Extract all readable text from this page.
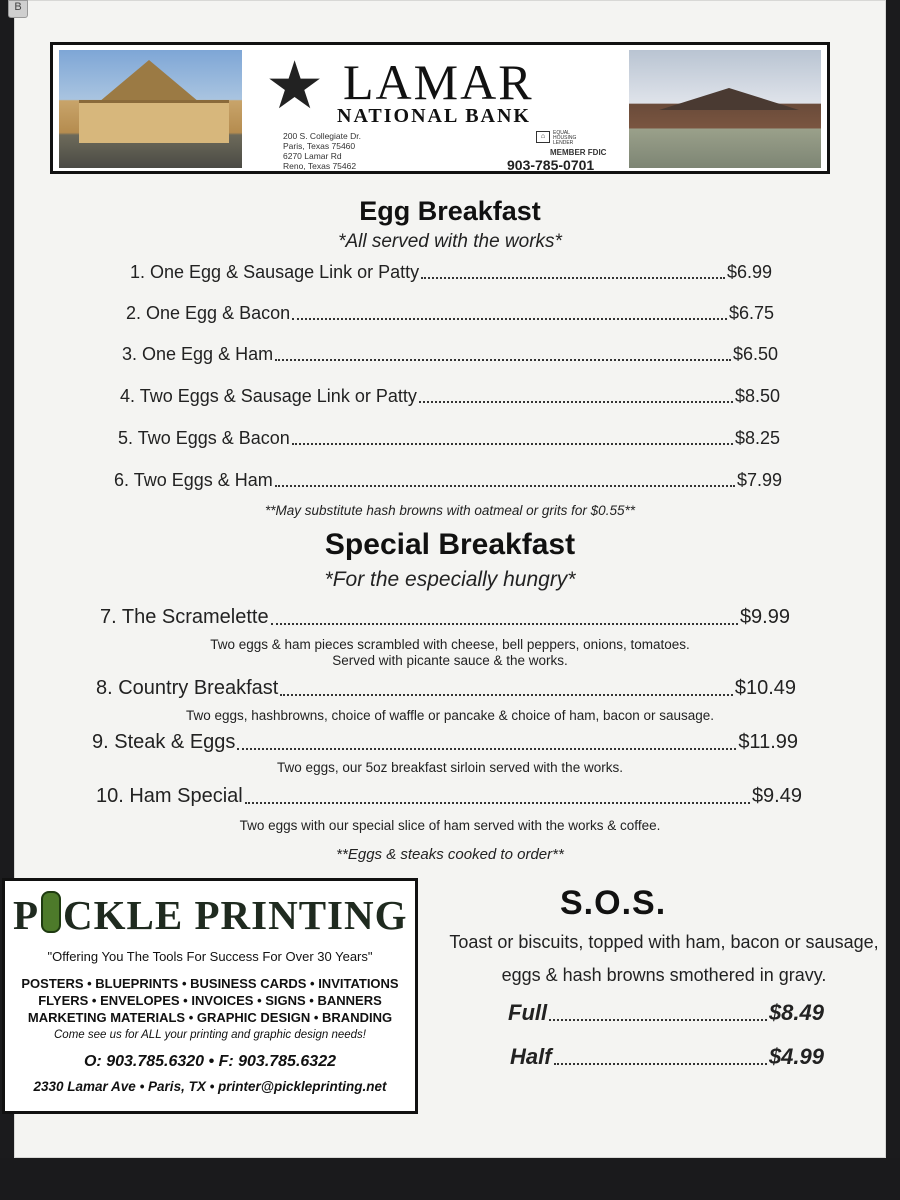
B
★ LAMAR
NATIONAL BANK
200 S. Collegiate Dr.
Paris, Texas 75460
6270 Lamar Rd
Reno, Texas 75462
⌂	EQUAL HOUSING LENDER
MEMBER FDIC
903-785-0701
Egg Breakfast
*All served with the works*
1. One Egg & Sausage Link or Patty	$6.99
2. One Egg & Bacon	$6.75
3. One Egg & Ham	$6.50
4. Two Eggs & Sausage Link or Patty	$8.50
5. Two Eggs & Bacon	$8.25
6. Two Eggs & Ham	$7.99
**May substitute hash browns with oatmeal or grits for $0.55**
Special Breakfast
*For the especially hungry*
7. The Scramelette	$9.99
Two eggs & ham pieces scrambled with cheese, bell peppers, onions, tomatoes.
Served with picante sauce & the works.
8. Country Breakfast	$10.49
Two eggs, hashbrowns, choice of waffle or pancake & choice of ham, bacon or sausage.
9. Steak & Eggs	$11.99
Two eggs, our 5oz breakfast sirloin served with the works.
10. Ham Special	$9.49
Two eggs with our special slice of ham served with the works & coffee.
**Eggs & steaks cooked to order**
P CKLE PRINTING
"Offering You The Tools For Success For Over 30 Years"
POSTERS • BLUEPRINTS • BUSINESS CARDS • INVITATIONS
FLYERS • ENVELOPES • INVOICES • SIGNS • BANNERS
MARKETING MATERIALS • GRAPHIC DESIGN • BRANDING
Come see us for ALL your printing and graphic design needs!
O: 903.785.6320 • F: 903.785.6322
2330 Lamar Ave • Paris, TX • printer@pickleprinting.net
S.O.S.
Toast or biscuits, topped with ham, bacon or sausage, eggs & hash browns smothered in gravy.
Full	$8.49
Half	$4.99
